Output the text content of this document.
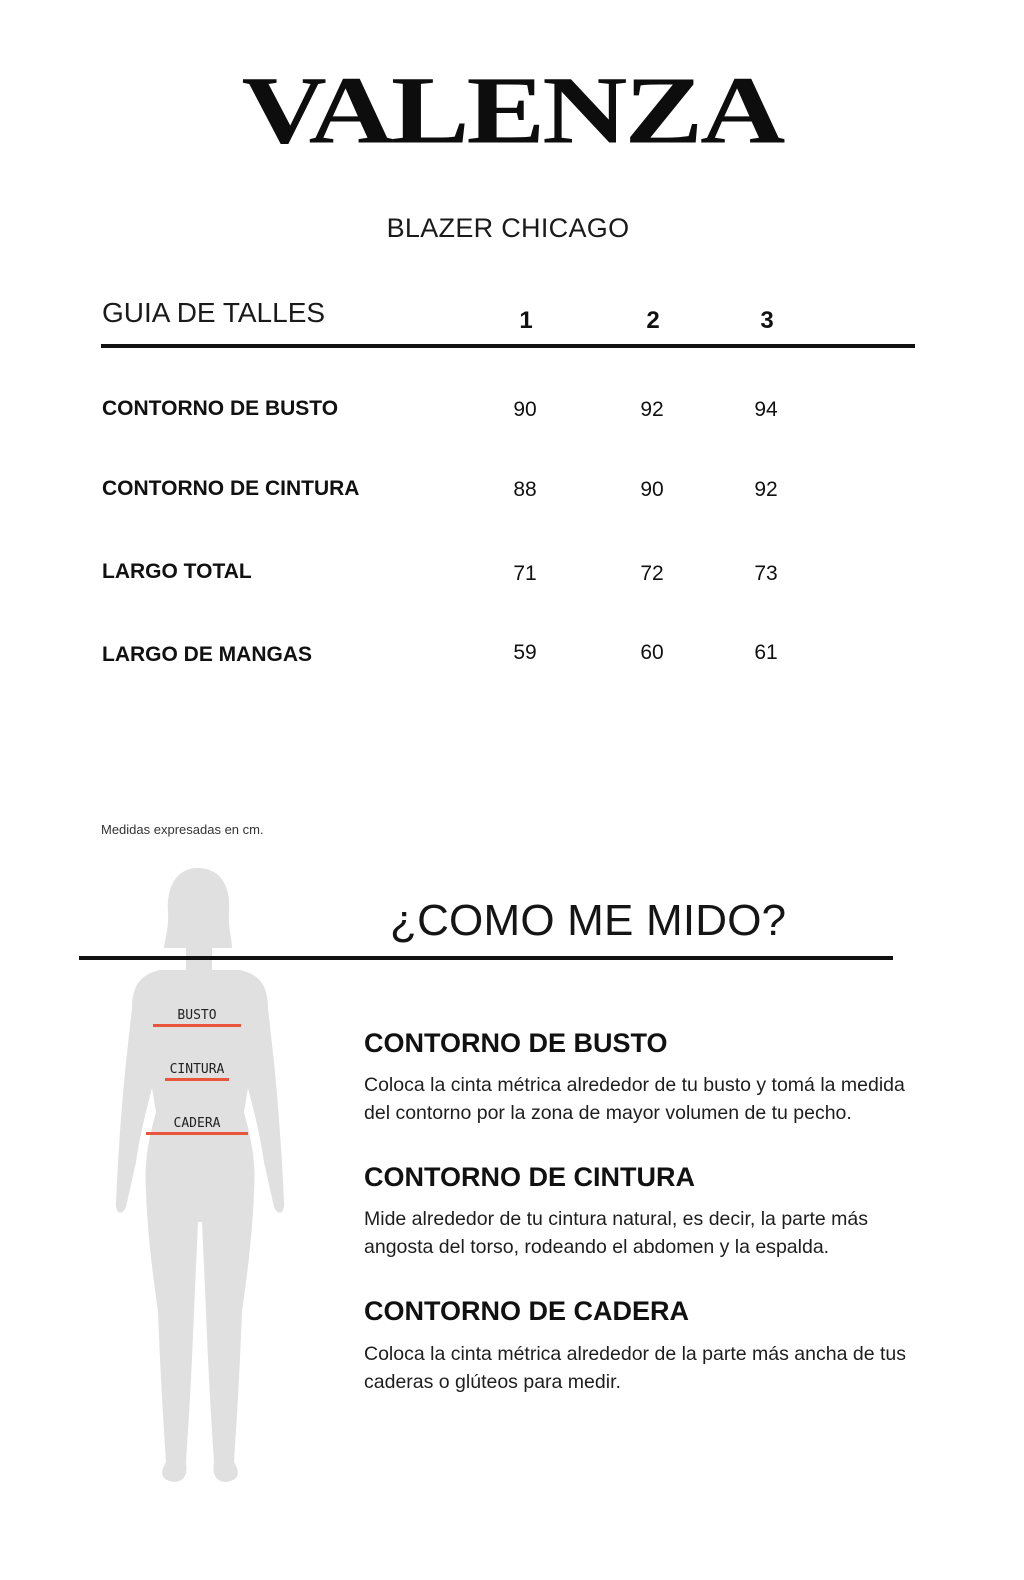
VALENZA
BLAZER CHICAGO
GUIA DE TALLES	1	2	3
CONTORNO DE BUSTO	90	92	94
CONTORNO DE CINTURA	88	90	92
LARGO TOTAL	71	72	73
LARGO DE MANGAS	59	60	61
Medidas expresadas en cm.
BUSTO
CINTURA
CADERA
¿COMO ME MIDO?
CONTORNO DE BUSTO
Coloca la cinta métrica alrededor de tu busto y tomá la medida
del contorno por la zona de mayor volumen de tu pecho.
CONTORNO DE CINTURA
Mide alrededor de tu cintura natural, es decir, la parte más
angosta del torso, rodeando el abdomen y la espalda.
CONTORNO DE CADERA
Coloca la cinta métrica alrededor de la parte más ancha de tus
caderas o glúteos para medir.
